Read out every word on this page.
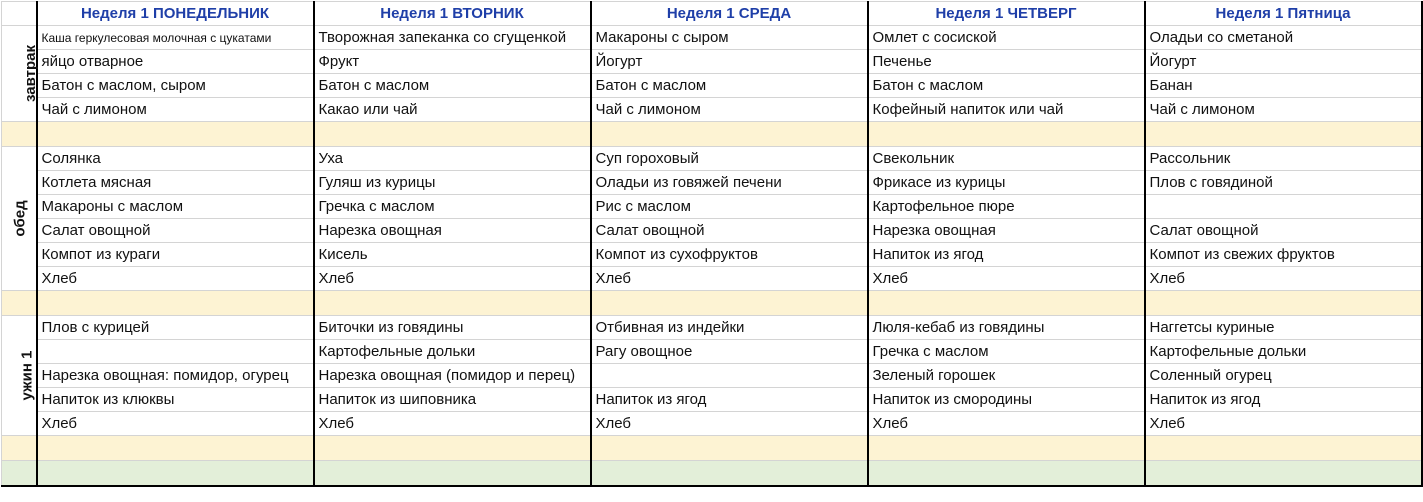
	Неделя 1 ПОНЕДЕЛЬНИК	Неделя 1 ВТОРНИК	Неделя 1 СРЕДА	Неделя 1 ЧЕТВЕРГ	Неделя 1 Пятница
завтрак	Каша геркулесовая молочная с цукатами	Творожная запеканка со сгущенкой	Макароны с сыром	Омлет с сосиской	Оладьи со сметаной
	яйцо отварное	Фрукт	Йогурт	Печенье	Йогурт
	Батон с маслом, сыром	Батон с маслом	Батон с маслом	Батон с маслом	Банан
	Чай с лимоном	Какао или чай	Чай с лимоном	Кофейный напиток или чай	Чай с лимоном

обед	Солянка	Уха	Суп гороховый	Свекольник	Рассольник
	Котлета мясная	Гуляш из курицы	Оладьи из говяжей печени	Фрикасе из курицы	Плов с говядиной
	Макароны с маслом	Гречка с маслом	Рис с маслом	Картофельное пюре	
	Салат овощной	Нарезка овощная	Салат овощной	Нарезка овощная	Салат овощной
	Компот из кураги	Кисель	Компот из сухофруктов	Напиток из ягод	Компот из свежих фруктов
	Хлеб	Хлеб	Хлеб	Хлеб	Хлеб

ужин 1	Плов с курицей	Биточки из говядины	Отбивная из индейки	Люля-кебаб из говядины	Наггетсы куриные
		Картофельные дольки	Рагу овощное	Гречка с маслом	Картофельные дольки
	Нарезка овощная: помидор, огурец	Нарезка овощная (помидор и перец)		Зеленый горошек	Соленный огурец
	Напиток из клюквы	Напиток из шиповника	Напиток из ягод	Напиток из смородины	Напиток из ягод
	Хлеб	Хлеб	Хлеб	Хлеб	Хлеб
